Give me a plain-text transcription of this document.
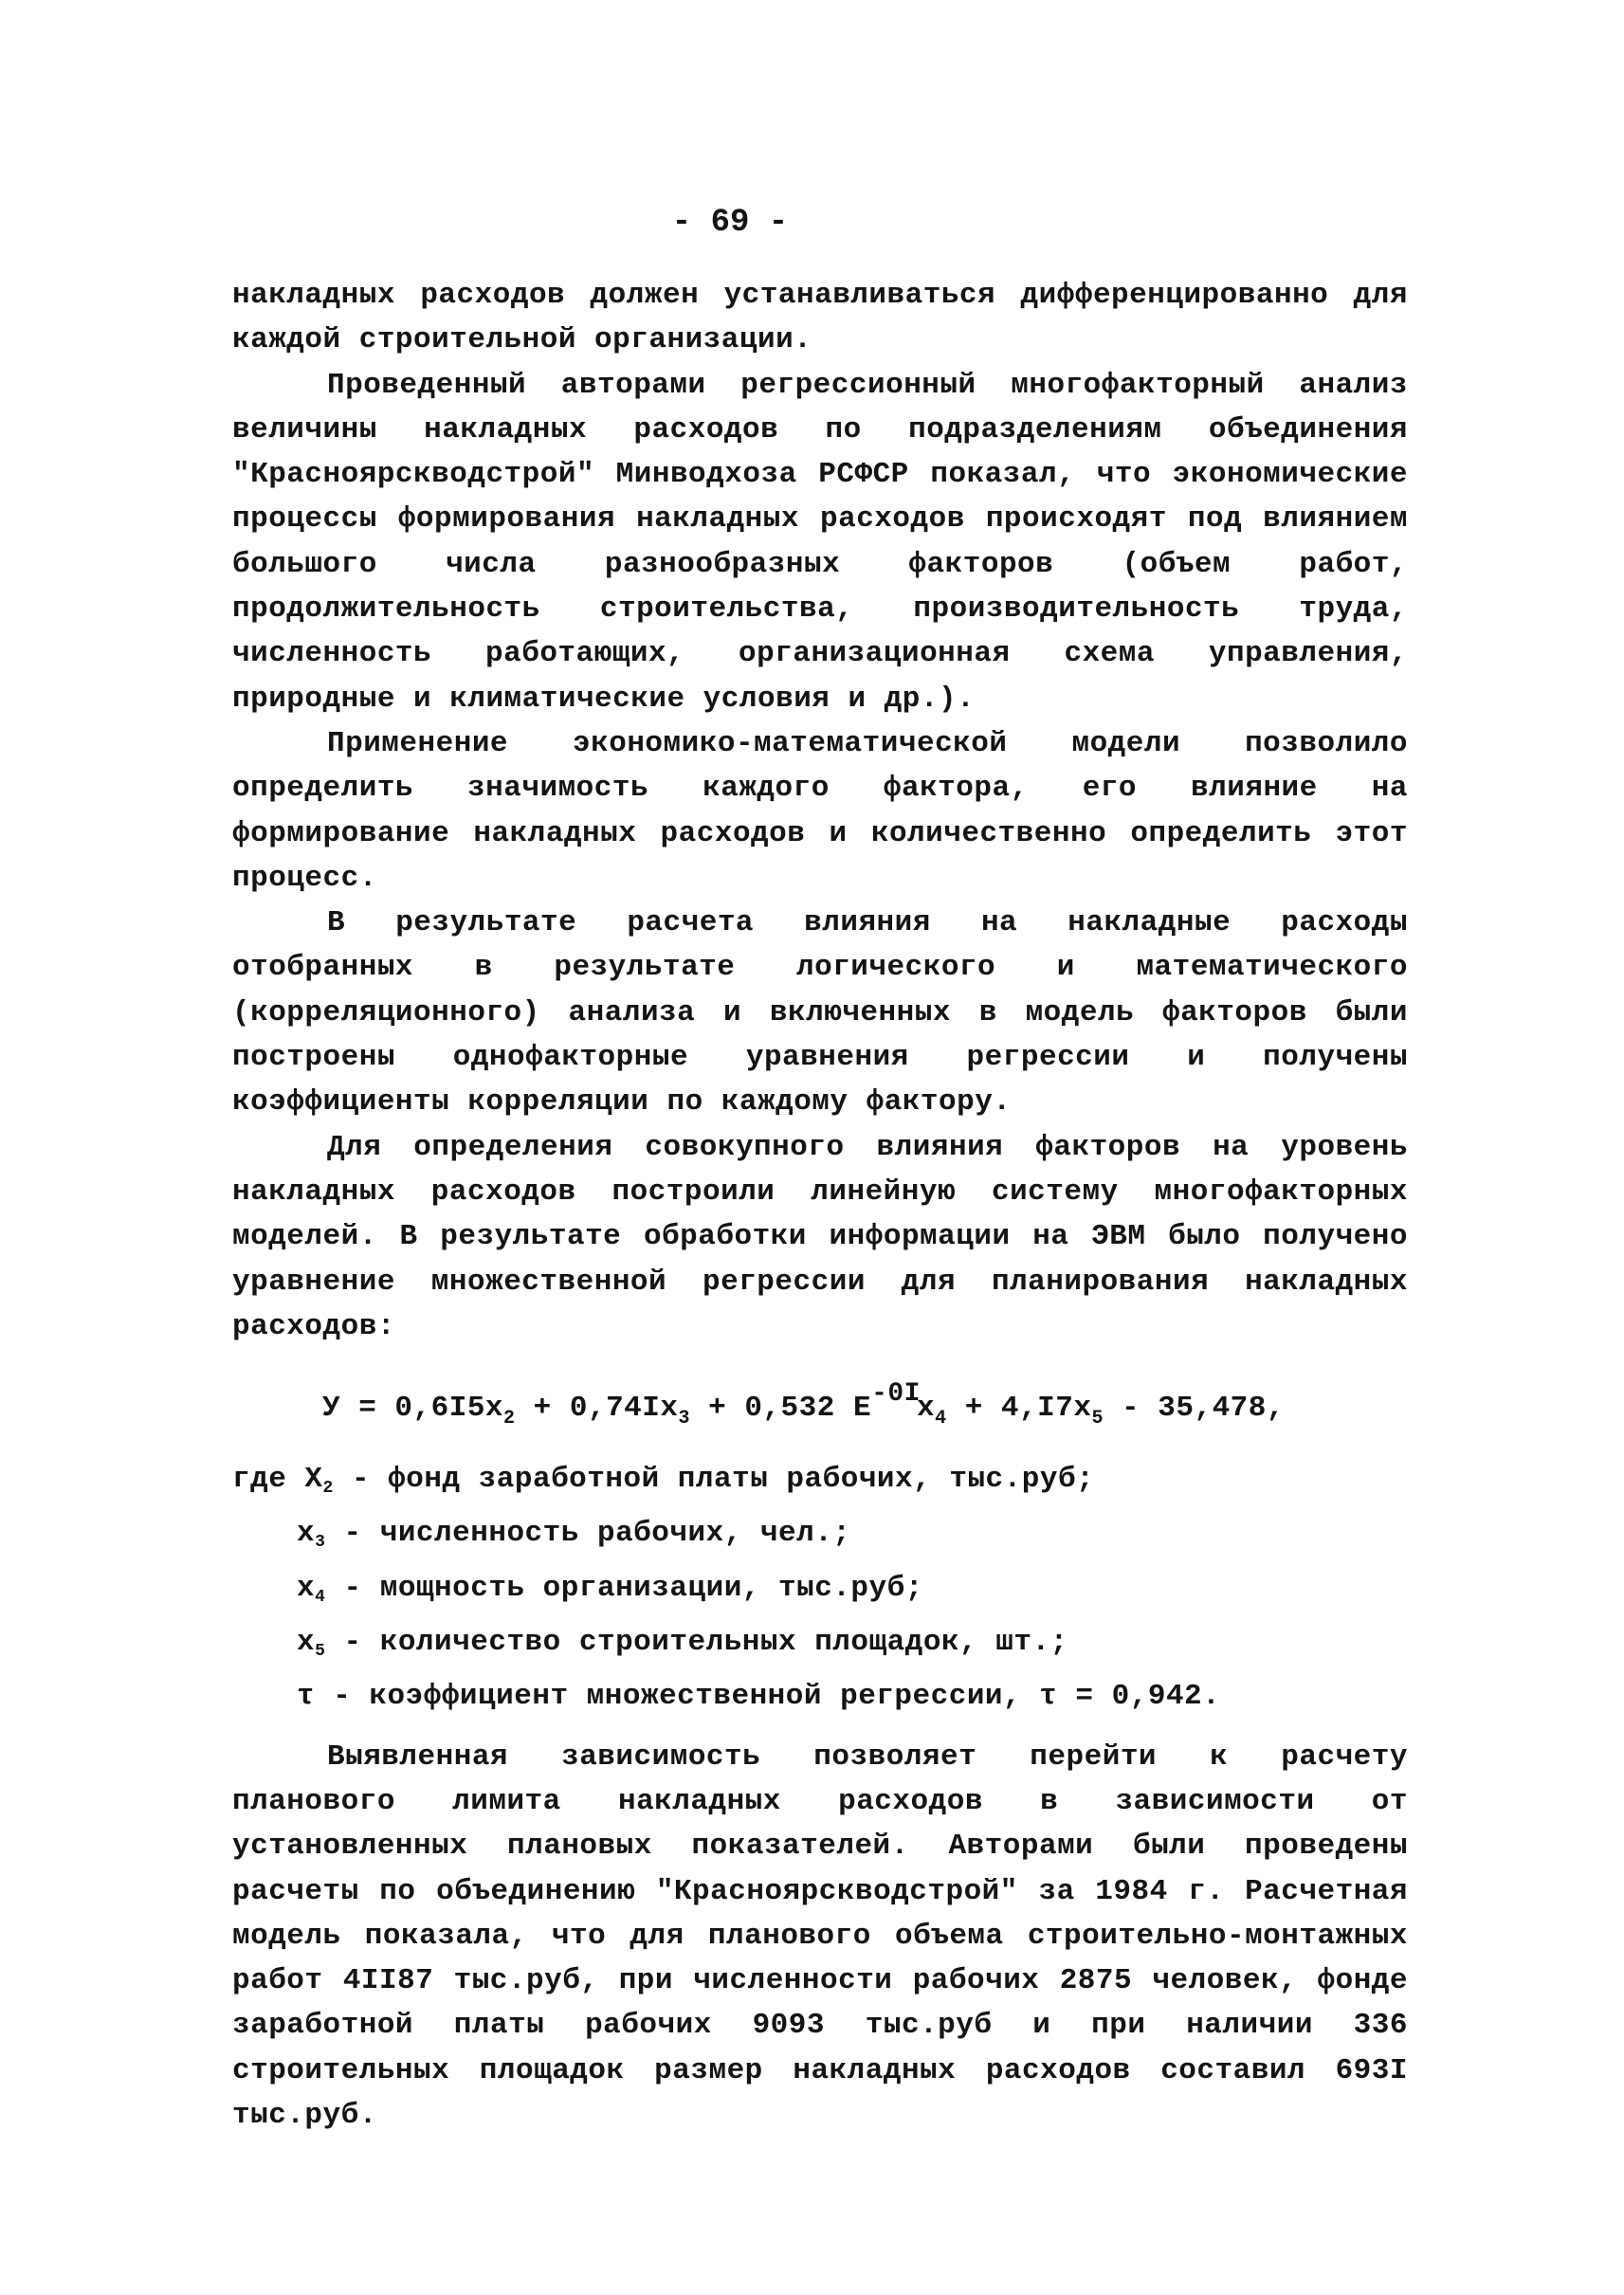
- 69 -

накладных расходов должен устанавливаться дифференцированно для каждой строительной организации.

Проведенный авторами регрессионный многофакторный анализ величины накладных расходов по подразделениям объединения "Красноярскводстрой" Минводхоза РСФСР показал, что экономические процессы формирования накладных расходов происходят под влиянием большого числа разнообразных факторов (объем работ, продолжительность строительства, производительность труда, численность работающих, организационная схема управления, природные и климатические условия и др.).

Применение экономико-математической модели позволило определить значимость каждого фактора, его влияние на формирование накладных расходов и количественно определить этот процесс.

В результате расчета влияния на накладные расходы отобранных в результате логического и математического (корреляционного) анализа и включенных в модель факторов были построены однофакторные уравнения регрессии и получены коэффициенты корреляции по каждому фактору.

Для определения совокупного влияния факторов на уровень накладных расходов построили линейную систему многофакторных моделей. В результате обработки информации на ЭВМ было получено уравнение множественной регрессии для планирования накладных расходов:

$У = 0,6I5х_2 + 0,74Iх_3 + 0,532$ $E^{-0I}х_4 + 4,I7х_5 - 35,478$,
где $Х_2$ - фонд заработной платы рабочих, тыс.руб;
$х_3$ - численность рабочих, чел.;
$х_4$ - мощность организации, тыс.руб;
$х_5$ - количество строительных площадок, шт.;
τ - коэффициент множественной регрессии, τ = 0,942.

Выявленная зависимость позволяет перейти к расчету планового лимита накладных расходов в зависимости от установленных плановых показателей. Авторами были проведены расчеты по объединению "Красноярскводстрой" за 1984 г. Расчетная модель показала, что для планового объема строительно-монтажных работ 4II87 тыс.руб, при численности рабочих 2875 человек, фонде заработной платы рабочих 9093 тыс.руб и при наличии 336 строительных площадок размер накладных расходов составил 693I тыс.руб.
